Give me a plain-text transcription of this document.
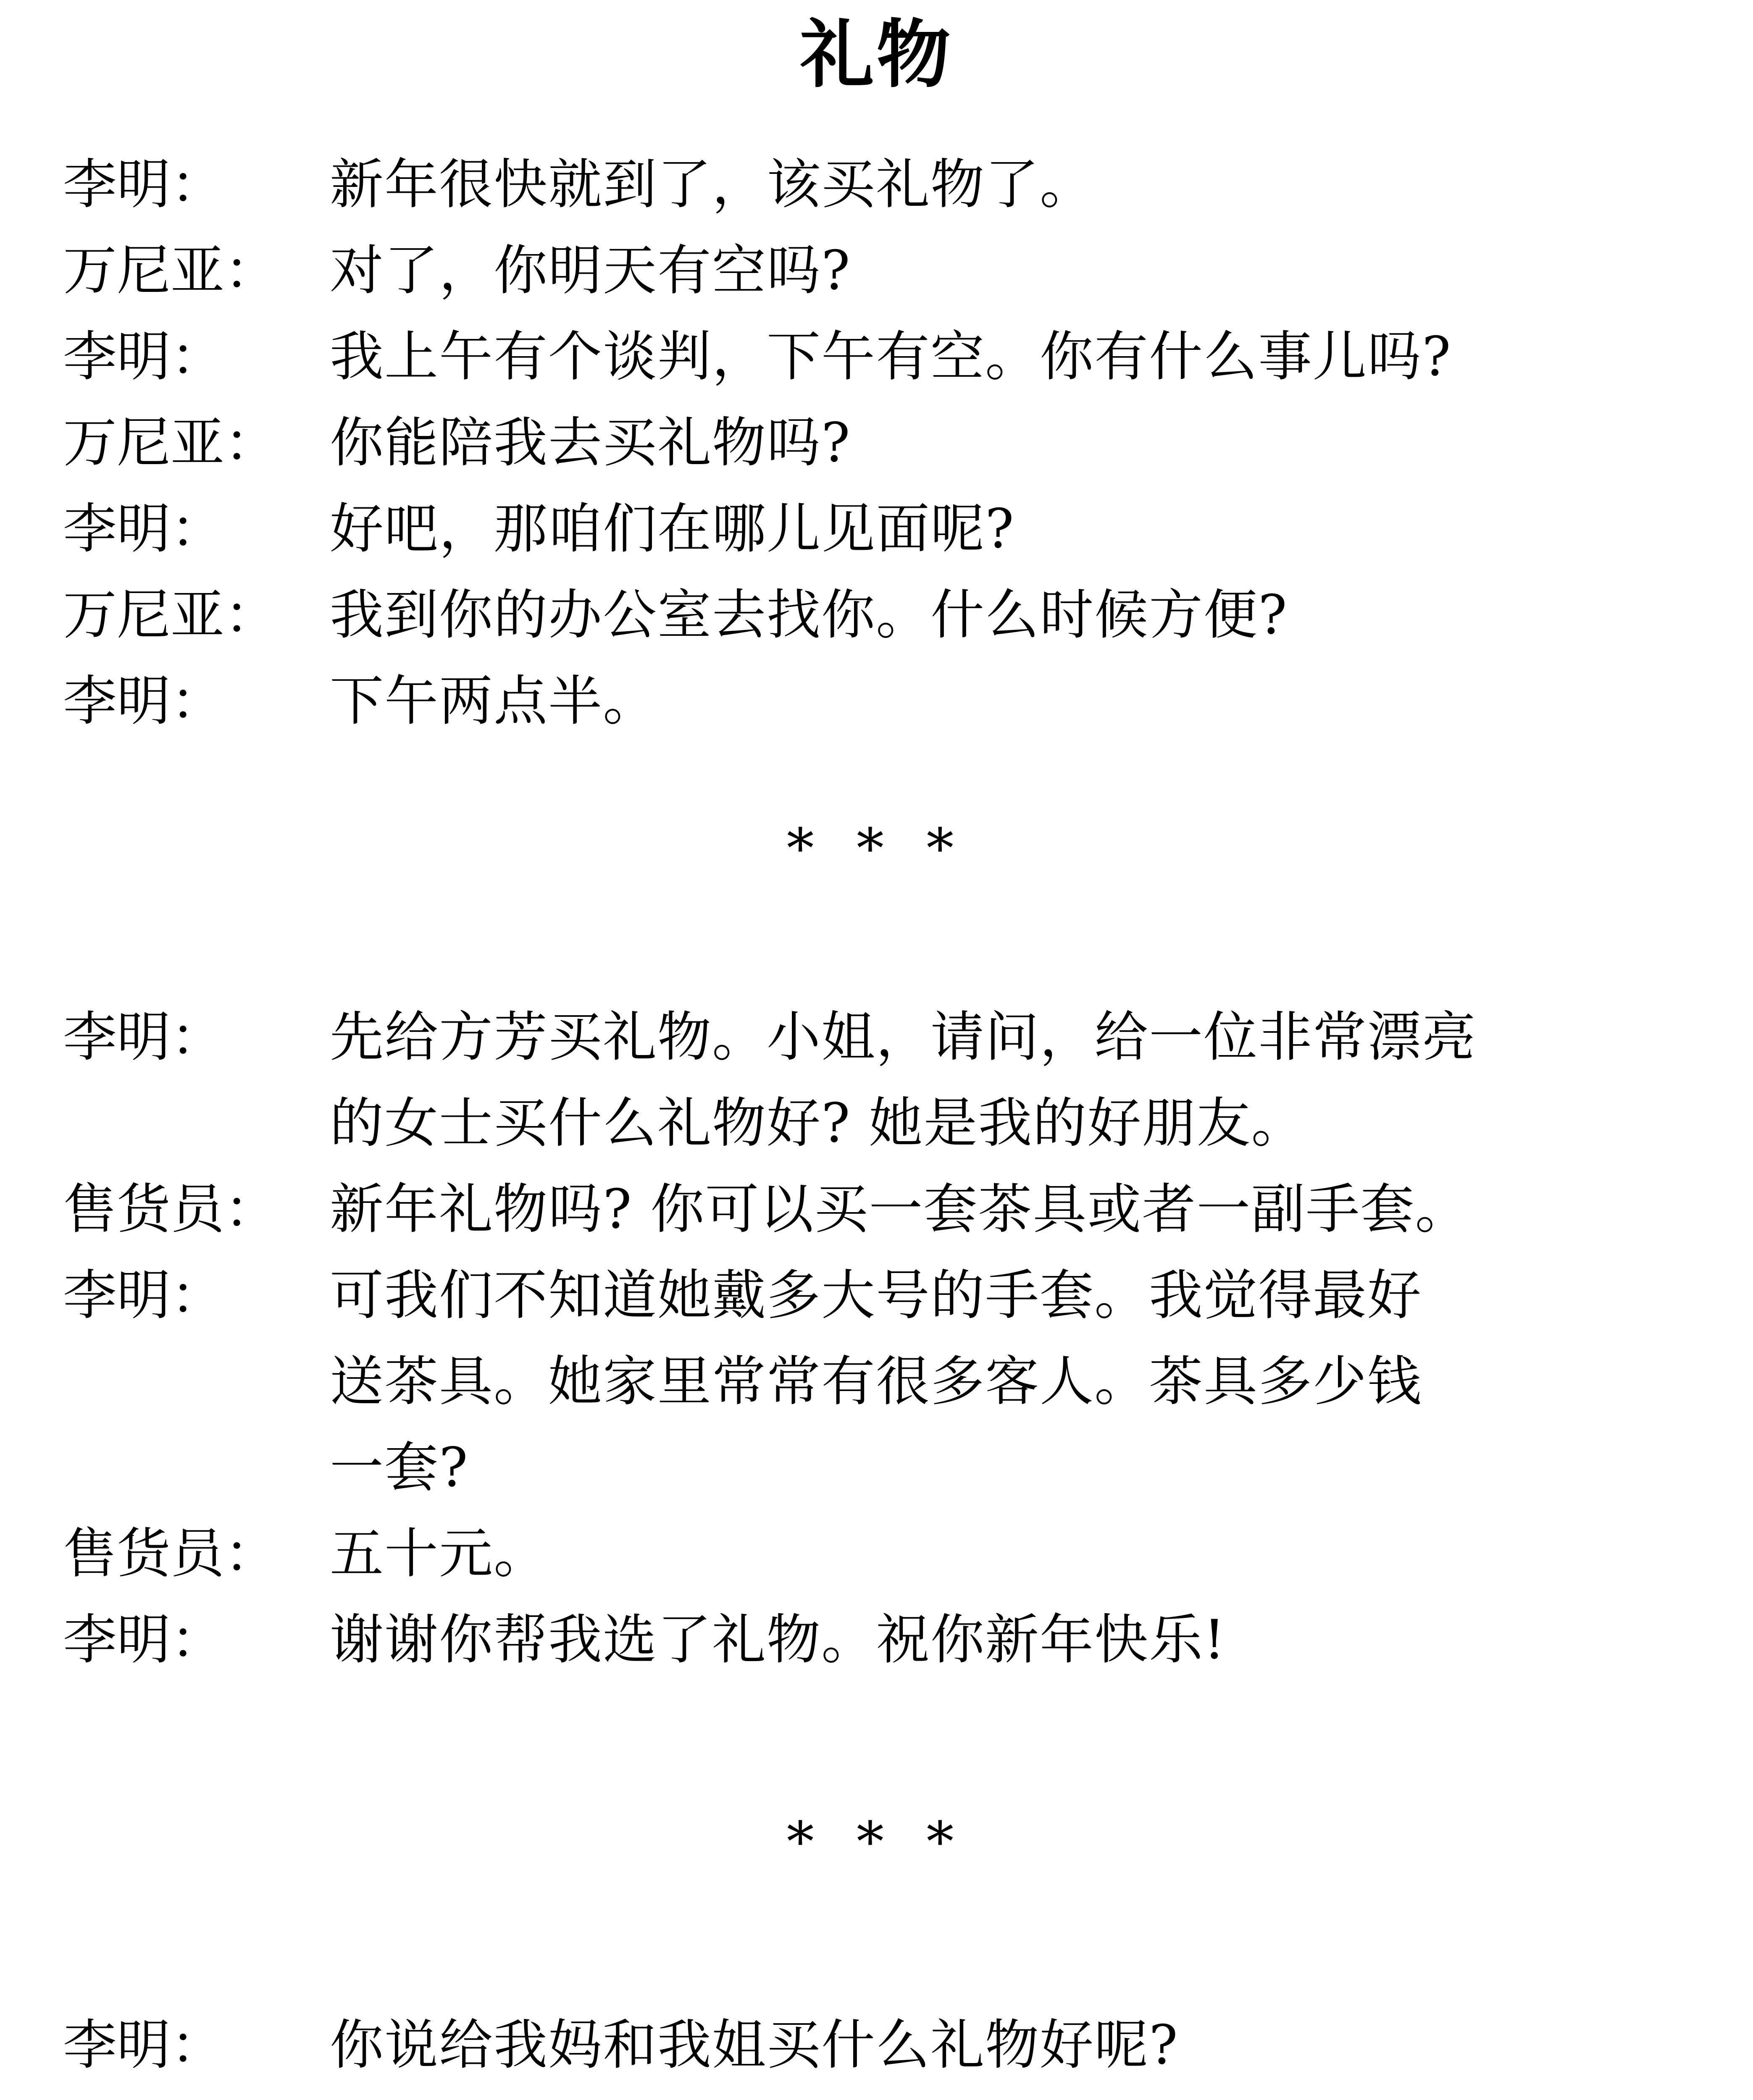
礼物
李明： 新年很快就到了，该买礼物了。
万尼亚： 对了，你明天有空吗?
李明： 我上午有个谈判，下午有空。你有什么事儿吗?
万尼亚： 你能陪我去买礼物吗?
李明： 好吧，那咱们在哪儿见面呢?
万尼亚： 我到你的办公室去找你。什么时候方便?
李明： 下午两点半。
* * *
李明： 先给方芳买礼物。小姐，请问，给一位非常漂亮
的女士买什么礼物好? 她是我的好朋友。
售货员： 新年礼物吗? 你可以买一套茶具或者一副手套。
李明： 可我们不知道她戴多大号的手套。我觉得最好
送茶具。她家里常常有很多客人。茶具多少钱
一套?
售货员： 五十元。
李明： 谢谢你帮我选了礼物。祝你新年快乐!
* * *
李明： 你说给我妈和我姐买什么礼物好呢?
